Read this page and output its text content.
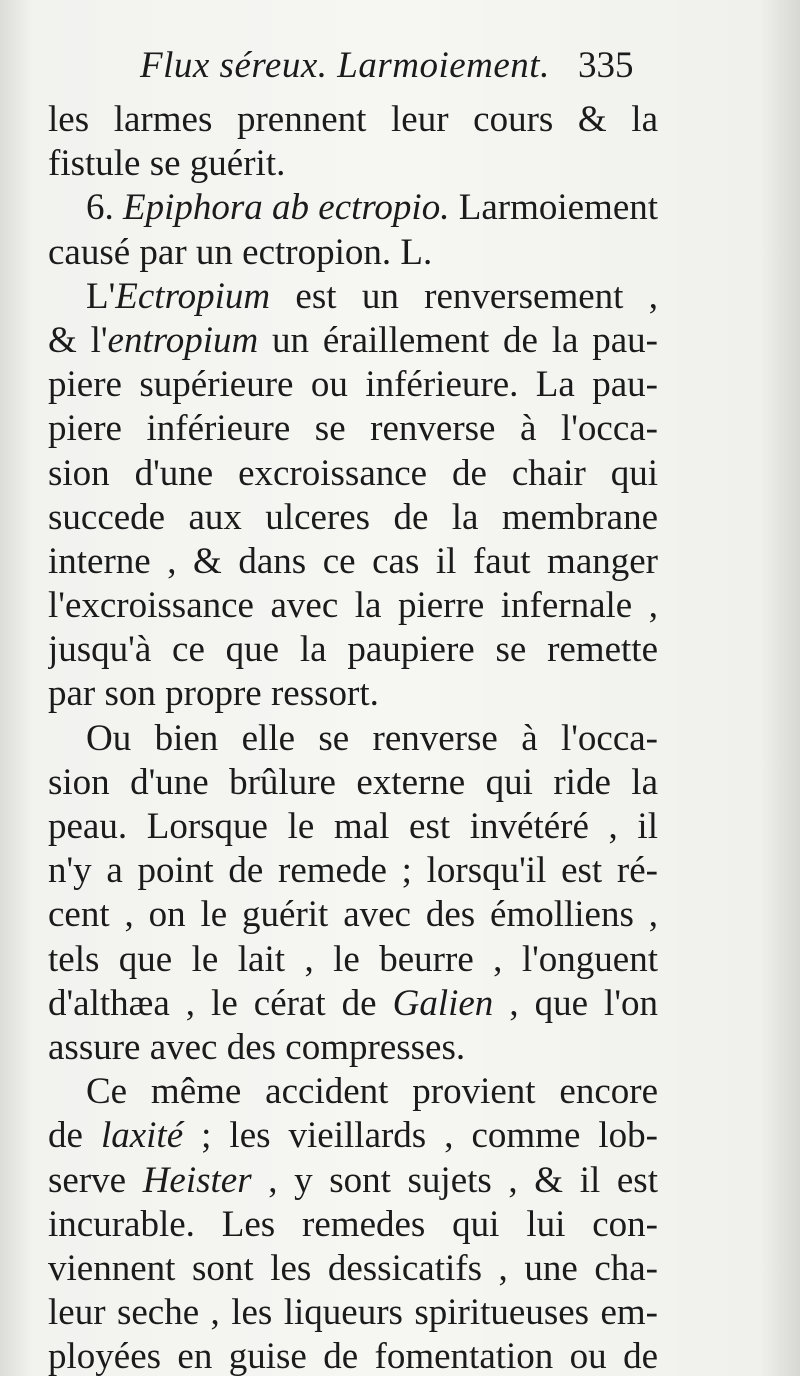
Flux séreux. Larmoiement. 335
les larmes prennent leur cours & la
fistule se guérit.
6. Epiphora ab ectropio. Larmoiement
causé par un ectropion. L.
L'Ectropium est un renversement ,
& l'entropium un éraillement de la pau-
piere supérieure ou inférieure. La pau-
piere inférieure se renverse à l'occa-
sion d'une excroissance de chair qui
succede aux ulceres de la membrane
interne , & dans ce cas il faut manger
l'excroissance avec la pierre infernale ,
jusqu'à ce que la paupiere se remette
par son propre ressort.
Ou bien elle se renverse à l'occa-
sion d'une brûlure externe qui ride la
peau. Lorsque le mal est invétéré , il
n'y a point de remede ; lorsqu'il est ré-
cent , on le guérit avec des émolliens ,
tels que le lait , le beurre , l'onguent
d'althæa , le cérat de Galien , que l'on
assure avec des compresses.
Ce même accident provient encore
de laxité ; les vieillards , comme lob-
serve Heister , y sont sujets , & il est
incurable. Les remedes qui lui con-
viennent sont les dessicatifs , une cha-
leur seche , les liqueurs spiritueuses em-
ployées en guise de fomentation ou de
